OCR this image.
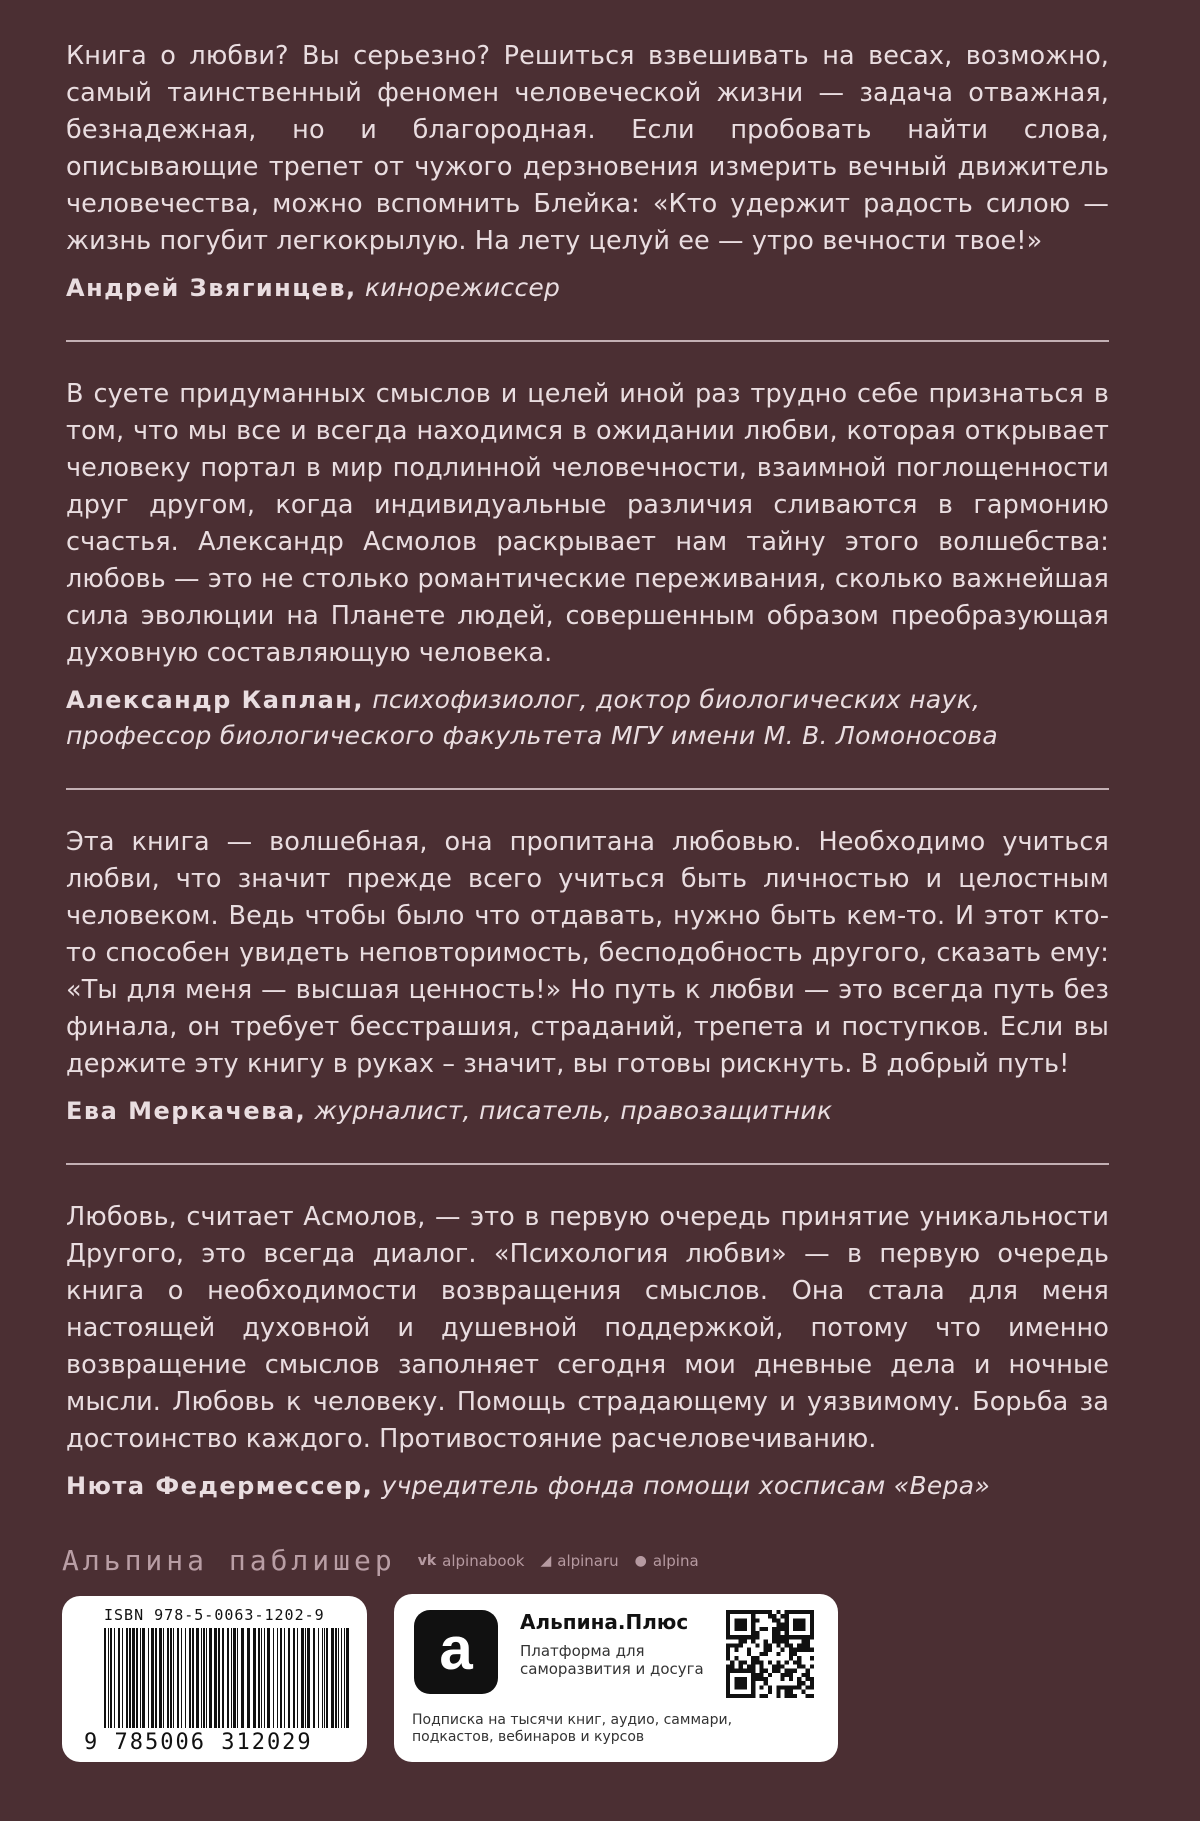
Книга о любви? Вы серьезно? Решиться взвешивать на весах, возможно, самый таинственный феномен человеческой жизни — задача отважная, безнадежная, но и благородная. Если пробовать найти слова, описывающие трепет от чужого дерзновения измерить вечный движитель человечества, можно вспомнить Блейка: «Кто удержит радость силою — жизнь погубит легкокрылую. На лету целуй ее — утро вечности твое!»

Андрей Звягинцев, кинорежиссер

В суете придуманных смыслов и целей иной раз трудно себе признаться в том, что мы все и всегда находимся в ожидании любви, которая открывает человеку портал в мир подлинной человечности, взаимной поглощенности друг другом, когда индивидуальные различия сливаются в гармонию счастья. Александр Асмолов раскрывает нам тайну этого волшебства: любовь — это не столько романтические переживания, сколько важнейшая сила эволюции на Планете людей, совершенным образом преобразующая духовную составляющую человека.

Александр Каплан, психофизиолог, доктор биологических наук, профессор биологического факультета МГУ имени М. В. Ломоносова

Эта книга — волшебная, она пропитана любовью. Необходимо учиться любви, что значит прежде всего учиться быть личностью и целостным человеком. Ведь чтобы было что отдавать, нужно быть кем-то. И этот кто-то способен увидеть неповторимость, бесподобность другого, сказать ему: «Ты для меня — высшая ценность!» Но путь к любви — это всегда путь без финала, он требует бесстрашия, страданий, трепета и поступков. Если вы держите эту книгу в руках – значит, вы готовы рискнуть. В добрый путь!

Ева Меркачева, журналист, писатель, правозащитник

Любовь, считает Асмолов, — это в первую очередь принятие уникальности Другого, это всегда диалог. «Психология любви» — в первую очередь книга о необходимости возвращения смыслов. Она стала для меня настоящей духовной и душевной поддержкой, потому что именно возвращение смыслов заполняет сегодня мои дневные дела и ночные мысли. Любовь к человеку. Помощь страдающему и уязвимому. Борьба за достоинство каждого. Противостояние расчеловечиванию.

Нюта Федермессер, учредитель фонда помощи хосписам «Вера»
Альпина паблишер vk alpinabook ◢ alpinaru ● alpina
ISBN 978-5-0063-1202-9
9 785006 312029
a	Альпина.Плюс
Платформа для саморазвития и досуга
Подписка на тысячи книг, аудио, саммари, подкастов, вебинаров и курсов
